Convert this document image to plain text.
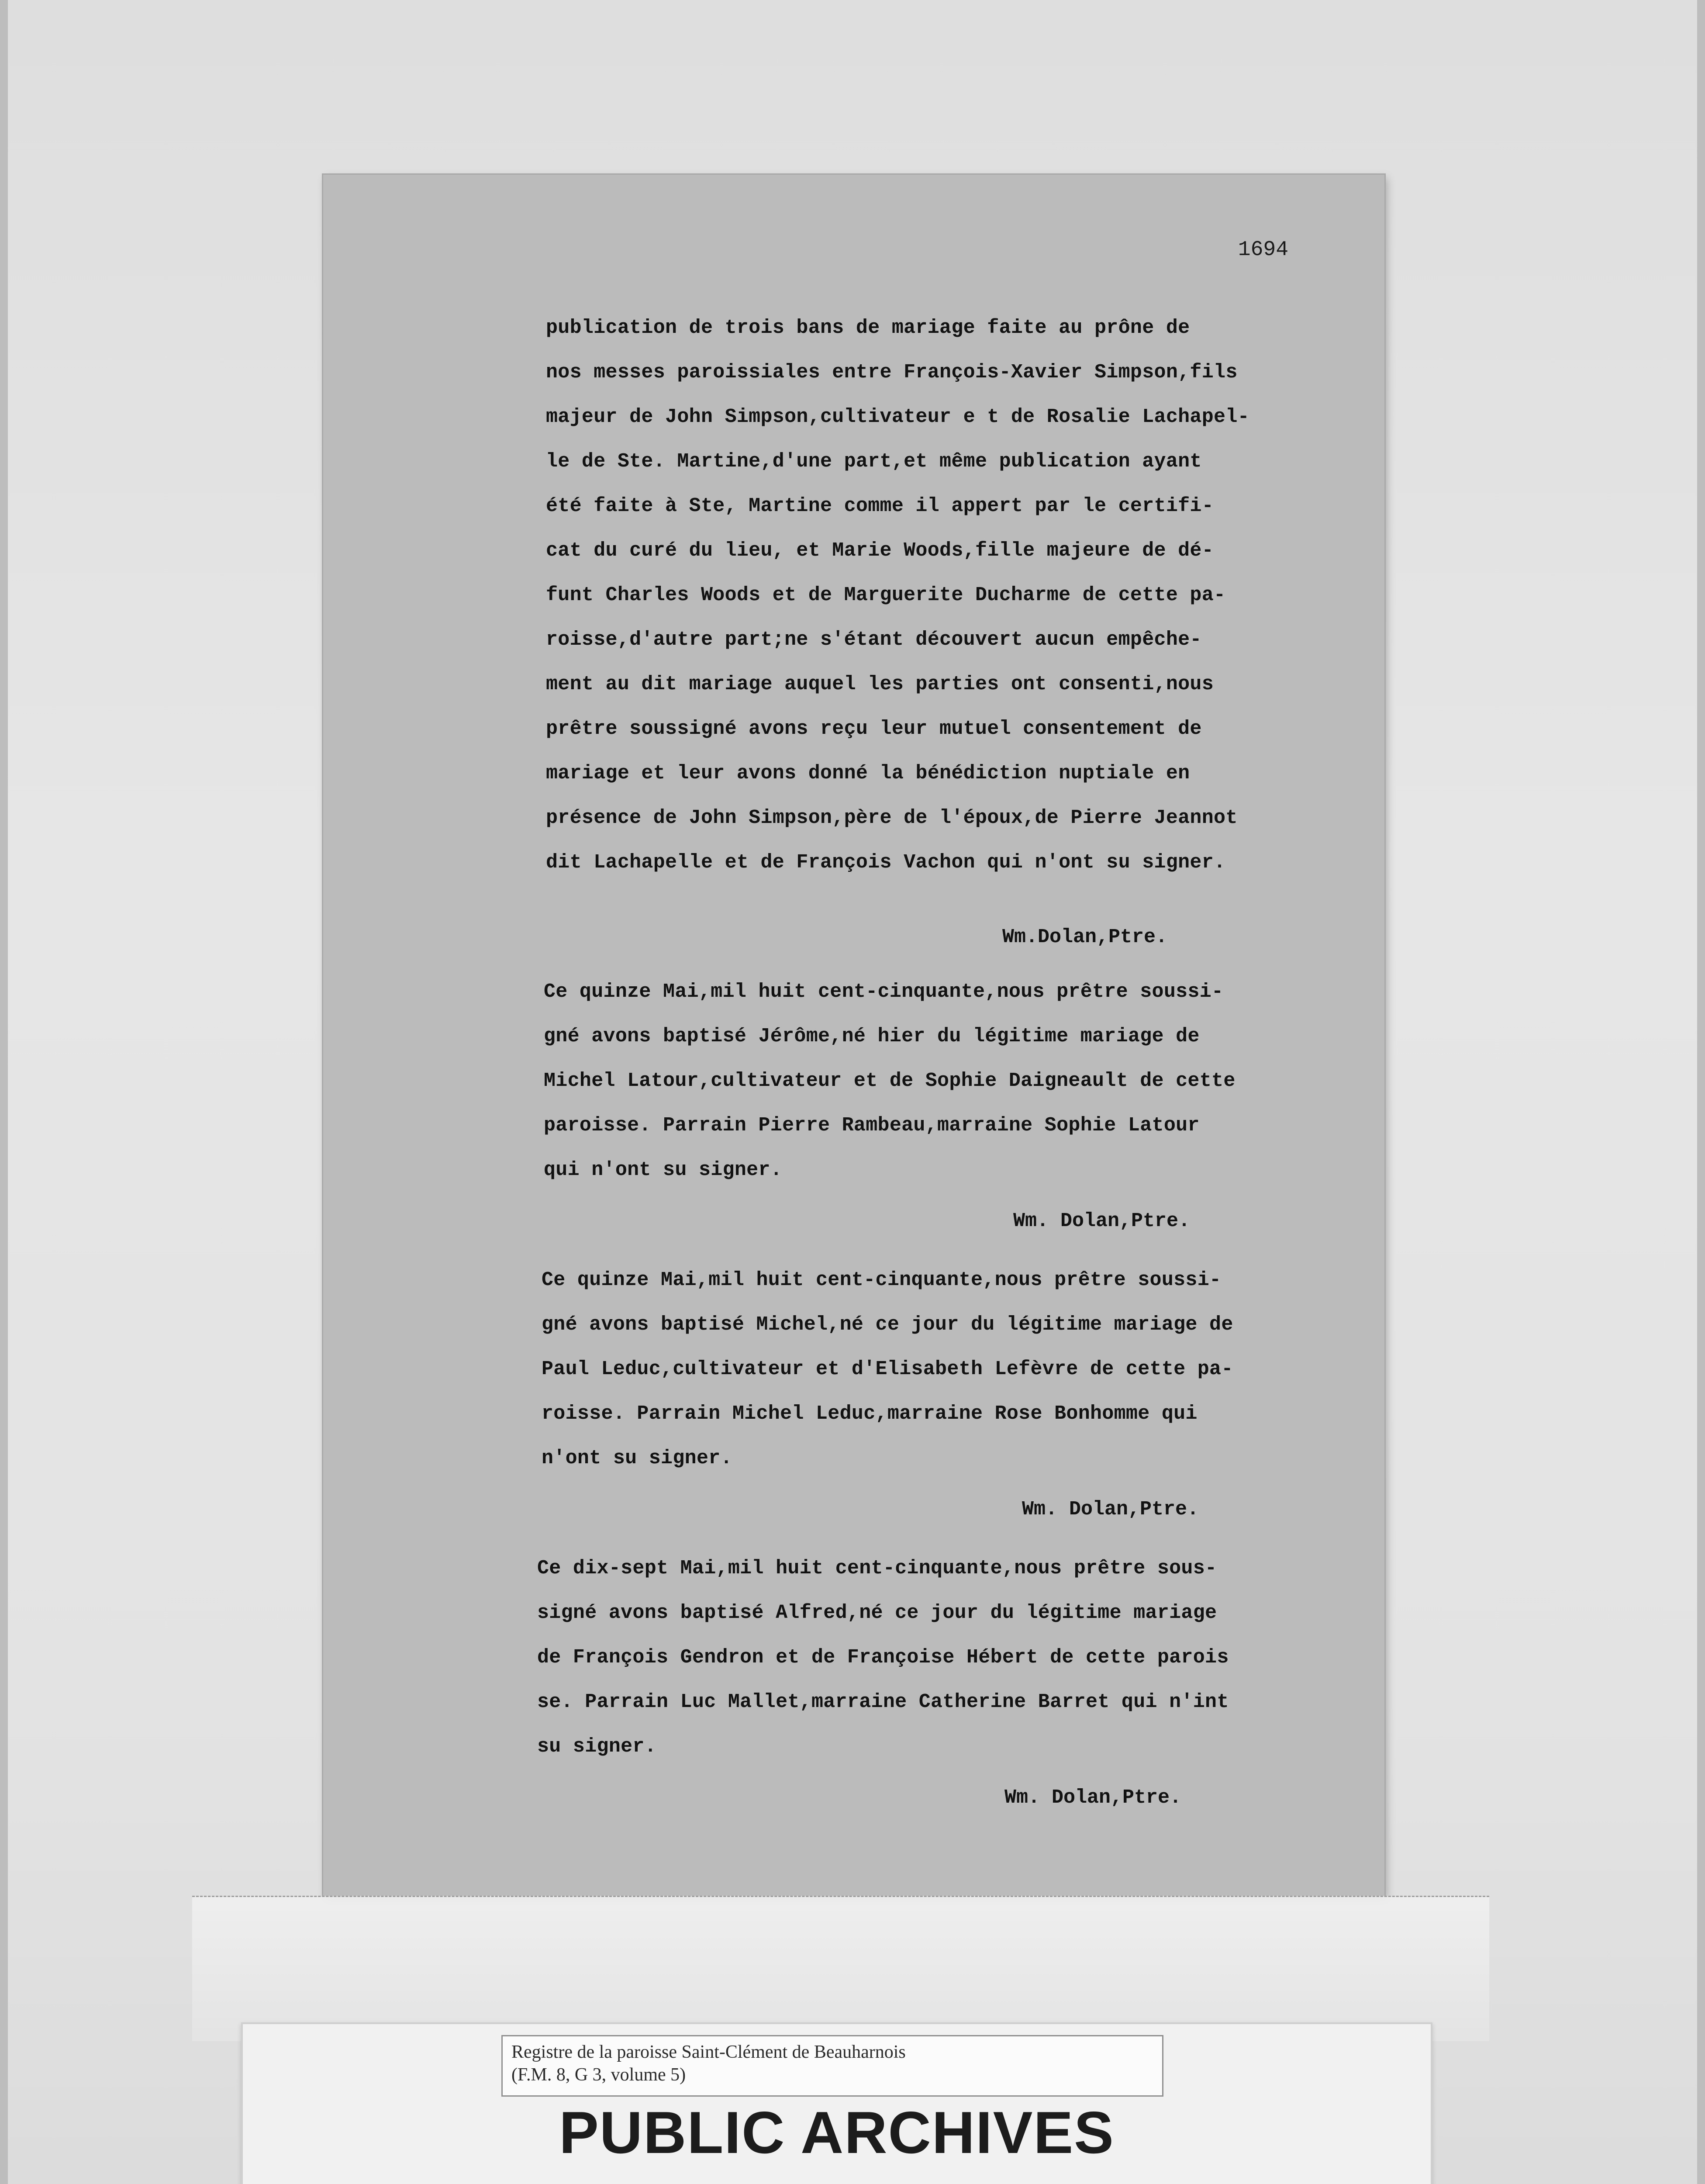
1694
publication de trois bans de mariage faite au prône de
nos messes paroissiales entre François-Xavier Simpson,fils
majeur de John Simpson,cultivateur e t de Rosalie Lachapel-
le de Ste. Martine,d'une part,et même publication ayant
été faite à Ste, Martine comme il appert par le certifi-
cat du curé du lieu, et Marie Woods,fille majeure de dé-
funt Charles Woods et de Marguerite Ducharme de cette pa-
roisse,d'autre part;ne s'étant découvert aucun empêche-
ment au dit mariage auquel les parties ont consenti,nous
prêtre soussigné avons reçu leur mutuel consentement de
mariage et leur avons donné la bénédiction nuptiale en
présence de John Simpson,père de l'époux,de Pierre Jeannot
dit Lachapelle et de François Vachon qui n'ont su signer.
Wm.Dolan,Ptre.
Ce quinze Mai,mil huit cent-cinquante,nous prêtre soussi-
gné avons baptisé Jérôme,né hier du légitime mariage de
Michel Latour,cultivateur et de Sophie Daigneault de cette
paroisse. Parrain Pierre Rambeau,marraine Sophie Latour
qui n'ont su signer.
Wm. Dolan,Ptre.
Ce quinze Mai,mil huit cent-cinquante,nous prêtre soussi-
gné avons baptisé Michel,né ce jour du légitime mariage de
Paul Leduc,cultivateur et d'Elisabeth Lefèvre de cette pa-
roisse. Parrain Michel Leduc,marraine Rose Bonhomme qui
n'ont su signer.
Wm. Dolan,Ptre.
Ce dix-sept Mai,mil huit cent-cinquante,nous prêtre sous-
signé avons baptisé Alfred,né ce jour du légitime mariage
de François Gendron et de Françoise Hébert de cette parois
se. Parrain Luc Mallet,marraine Catherine Barret qui n'int
su signer.
Wm. Dolan,Ptre.
Registre de la paroisse Saint-Clément de Beauharnois
(F.M. 8, G 3, volume 5)
PUBLIC ARCHIVES
